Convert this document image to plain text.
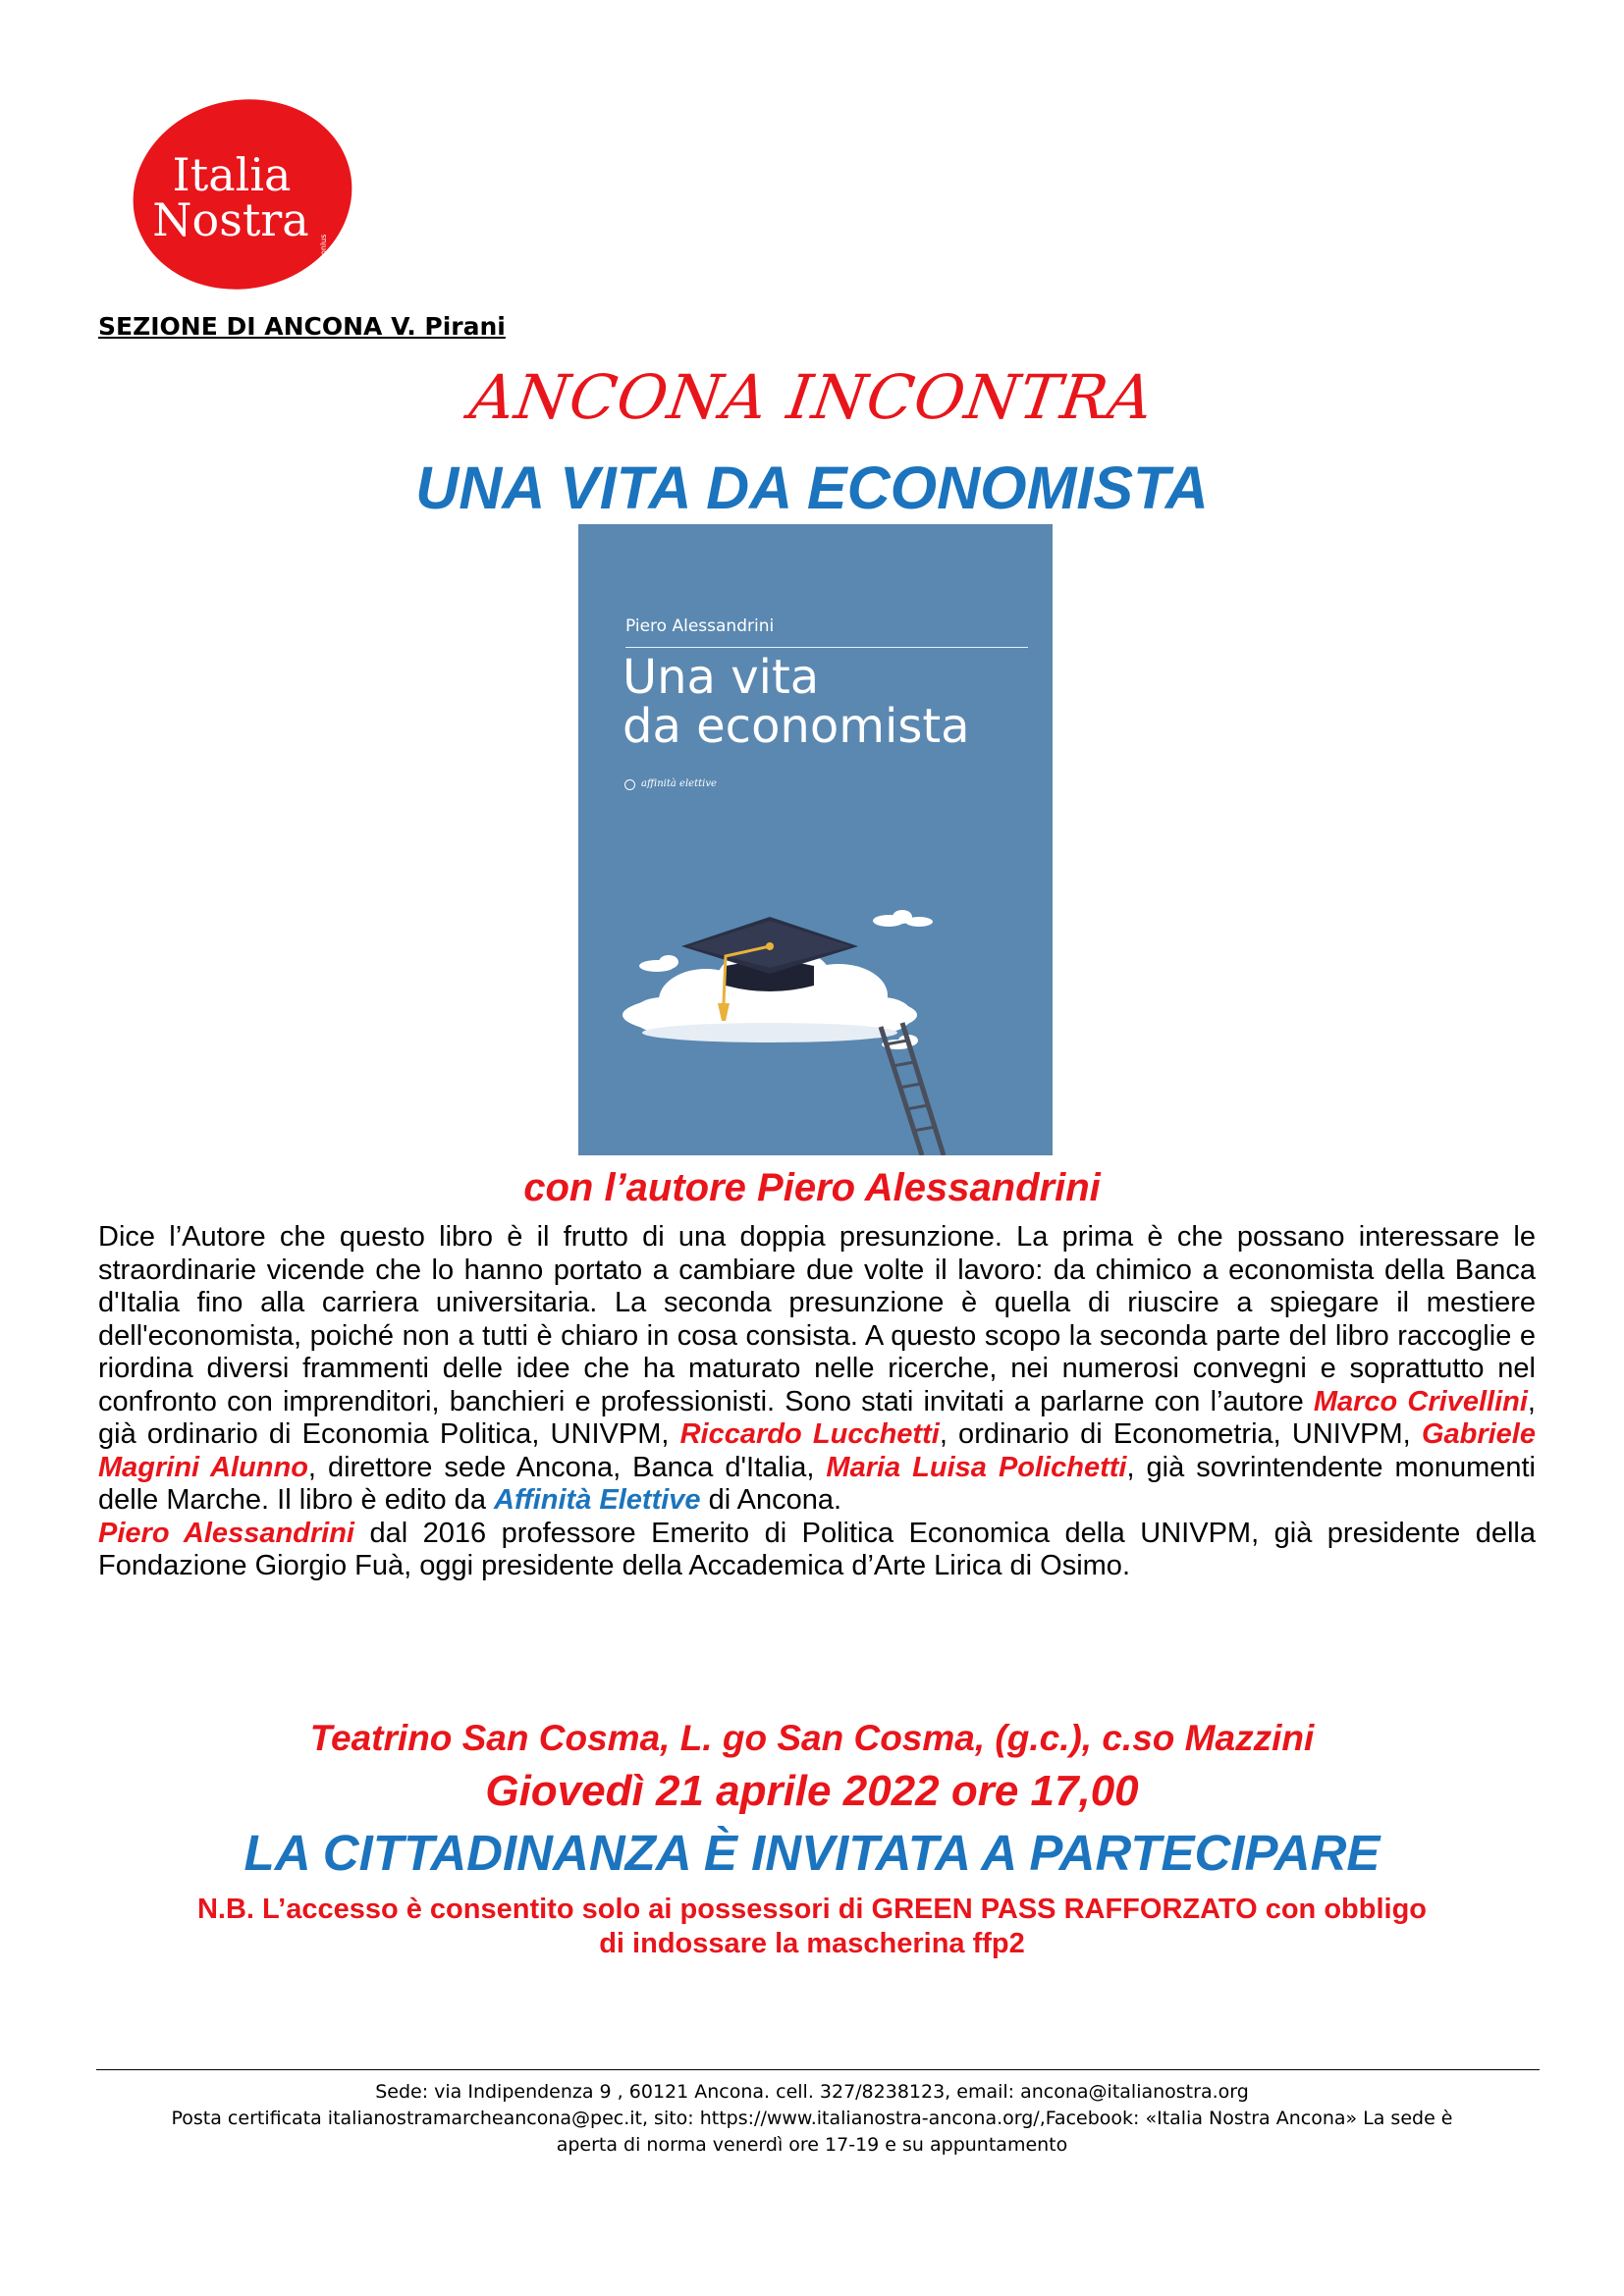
Italia
Nostra onlus
SEZIONE DI ANCONA V. Pirani
ANCONA INCONTRA
UNA VITA DA ECONOMISTA
Piero Alessandrini
Una vita
da economista
affinità elettive
con l’autore Piero Alessandrini

Dice l’Autore che questo libro è il frutto di una doppia presunzione. La prima è che possano interessare le straordinarie vicende che lo hanno portato a cambiare due volte il lavoro: da chimico a economista della Banca d'Italia fino alla carriera universitaria. La seconda presunzione è quella di riuscire a spiegare il mestiere dell'economista, poiché non a tutti è chiaro in cosa consista. A questo scopo la seconda parte del libro raccoglie e riordina diversi frammenti delle idee che ha maturato nelle ricerche, nei numerosi convegni e soprattutto nel confronto con imprenditori, banchieri e professionisti. Sono stati invitati a parlarne con l’autore Marco Crivellini, già ordinario di Economia Politica, UNIVPM, Riccardo Lucchetti, ordinario di Econometria, UNIVPM, Gabriele Magrini Alunno, direttore sede Ancona, Banca d'Italia, Maria Luisa Polichetti, già sovrintendente monumenti delle Marche. Il libro è edito da Affinità Elettive di Ancona.

Piero Alessandrini dal 2016 professore Emerito di Politica Economica della UNIVPM, già presidente della Fondazione Giorgio Fuà, oggi presidente della Accademica d’Arte Lirica di Osimo.

Teatrino San Cosma, L. go San Cosma, (g.c.), c.so Mazzini
Giovedì 21 aprile 2022 ore 17,00
LA CITTADINANZA È INVITATA A PARTECIPARE
N.B. L’accesso è consentito solo ai possessori di GREEN PASS RAFFORZATO con obbligo
di indossare la mascherina ffp2

Sede: via Indipendenza 9 , 60121 Ancona. cell. 327/8238123, email: ancona@italianostra.org

Posta certificata italianostramarcheancona@pec.it, sito: https://www.italianostra-ancona.org/,Facebook: «Italia Nostra Ancona» La sede è

aperta di norma venerdì ore 17-19 e su appuntamento
